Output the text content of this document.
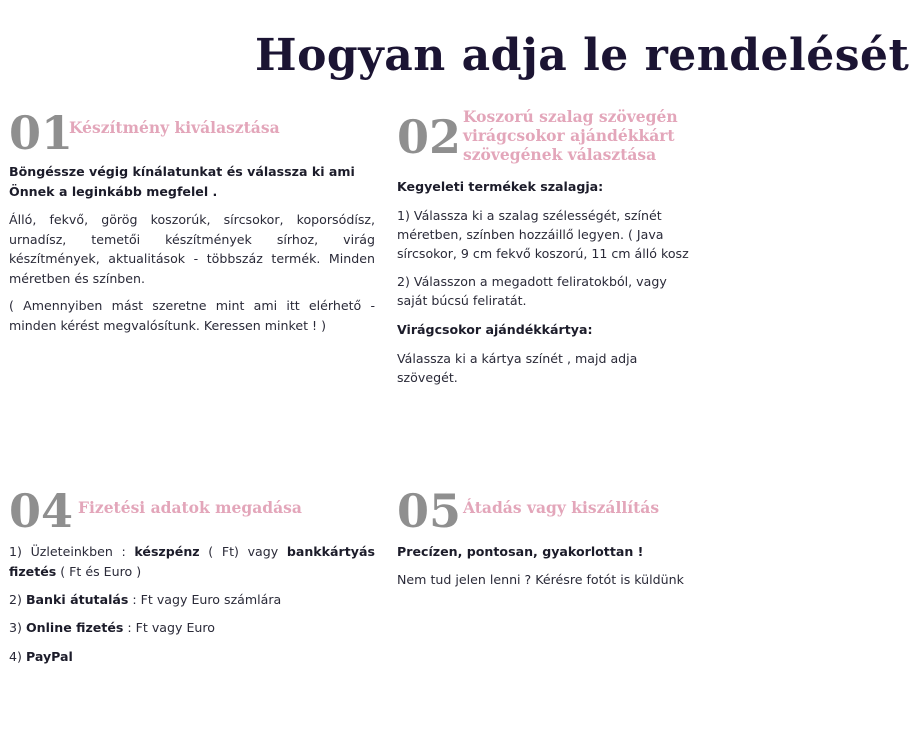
Hogyan adja le rendelését
01
Készítmény kiválasztása

Böngéssze végig kínálatunkat és válassza ki ami Önnek a leginkább megfelel .

Álló, fekvő, görög koszorúk, sírcsokor, koporsódísz, urnadísz, temetői készítmények sírhoz, virág készítmények, aktualitások - többszáz termék. Minden méretben és színben.

( Amennyiben mást szeretne mint ami itt elérhető - minden kérést megvalósítunk. Keressen minket ! )

02 Koszorú szalag szövegén
virágcsokor ajándékkárt
szövegének választása

Kegyeleti termékek szalagja:

1) Válassza ki a szalag szélességét, színét

méretben, színben hozzáillő legyen. ( Java

sírcsokor, 9 cm fekvő koszorú, 11 cm álló kosz

2) Válasszon a megadott feliratokból, vagy

saját búcsú feliratát.

Virágcsokor ajándékkártya:

Válassza ki a kártya színét , majd adja

szövegét.

04 Fizetési adatok megadása

1) Üzleteinkben : készpénz ( Ft) vagy bankkártyás fizetés ( Ft és Euro )

2) Banki átutalás : Ft vagy Euro számlára

3) Online fizetés : Ft vagy Euro

4) PayPal

05 Átadás vagy kiszállítás

Precízen, pontosan, gyakorlottan !

Nem tud jelen lenni ? Kérésre fotót is küldünk
